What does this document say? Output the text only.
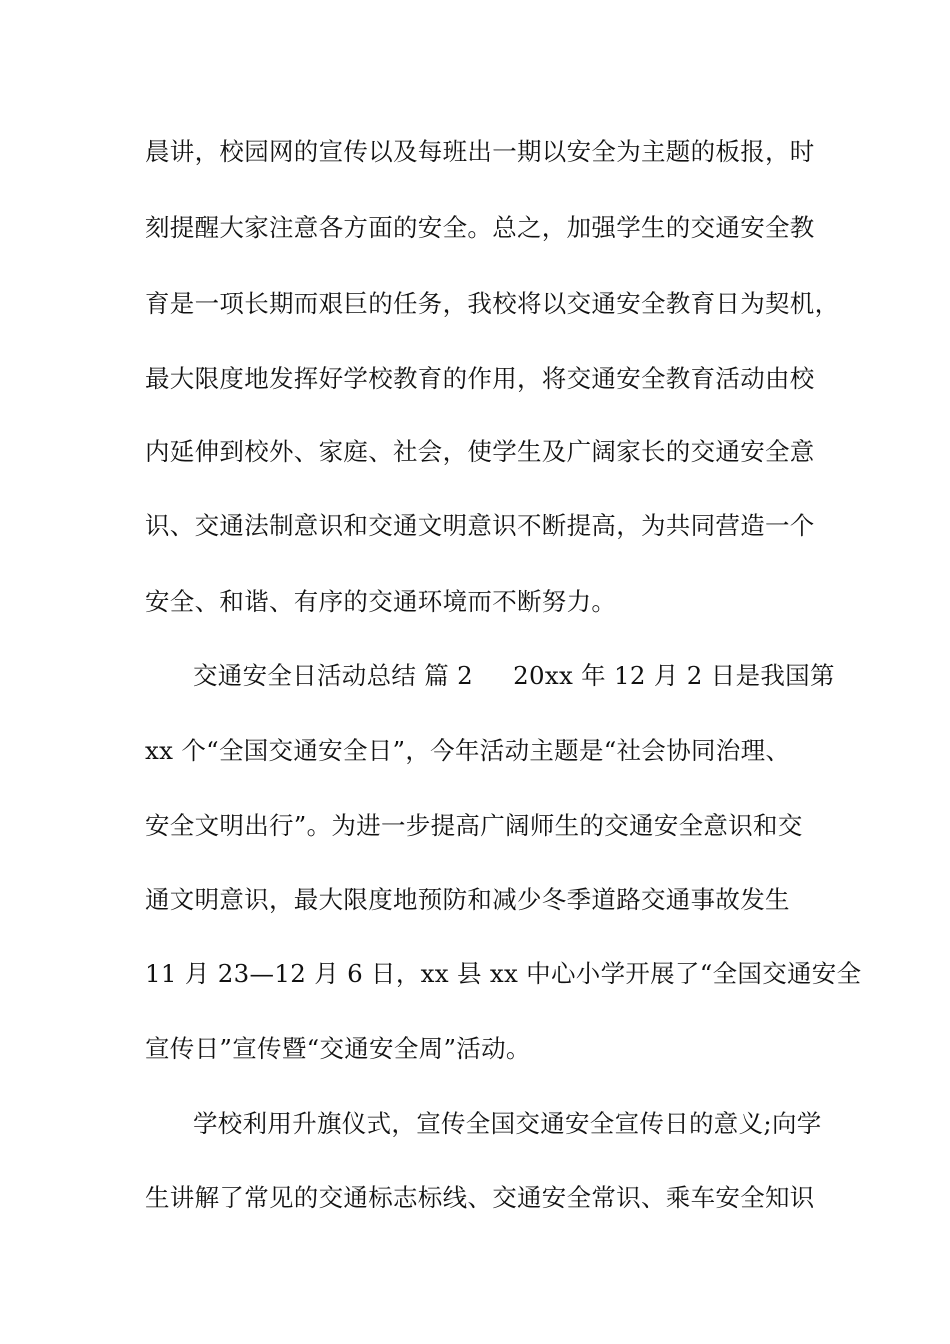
晨讲，校园网的宣传以及每班出一期以安全为主题的板报，时
刻提醒大家注意各方面的安全。总之，加强学生的交通安全教
育是一项长期而艰巨的任务，我校将以交通安全教育日为契机，
最大限度地发挥好学校教育的作用，将交通安全教育活动由校
内延伸到校外、家庭、社会，使学生及广阔家长的交通安全意
识、交通法制意识和交通文明意识不断提高，为共同营造一个
安全、和谐、有序的交通环境而不断努力。
交通安全日活动总结 篇 2 20xx 年 12 月 2 日是我国第
xx 个“全国交通安全日”，今年活动主题是“社会协同治理、
安全文明出行”。为进一步提高广阔师生的交通安全意识和交
通文明意识，最大限度地预防和减少冬季道路交通事故发生
11 月 23—12 月 6 日，xx 县 xx 中心小学开展了“全国交通安全
宣传日”宣传暨“交通安全周”活动。
学校利用升旗仪式，宣传全国交通安全宣传日的意义;向学
生讲解了常见的交通标志标线、交通安全常识、乘车安全知识
